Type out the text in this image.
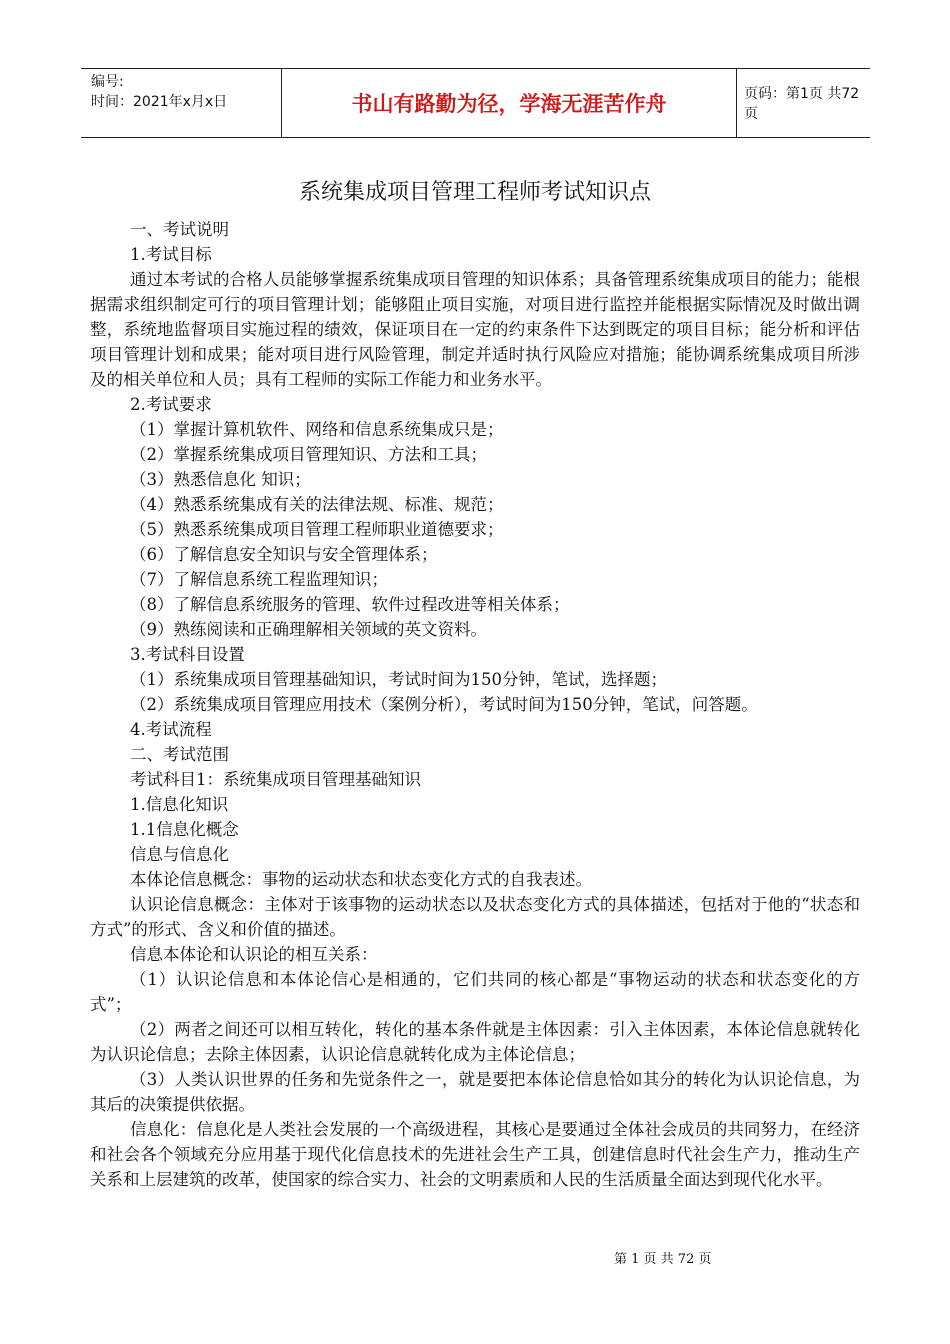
编号:
时间：2021年x月x日	书山有路勤为径，学海无涯苦作舟	页码：第1页 共72页
系统集成项目管理工程师考试知识点

一、考试说明

1.考试目标

通过本考试的合格人员能够掌握系统集成项目管理的知识体系；具备管理系统集成项目的能力；能根据需求组织制定可行的项目管理计划；能够阻止项目实施，对项目进行监控并能根据实际情况及时做出调整，系统地监督项目实施过程的绩效，保证项目在一定的约束条件下达到既定的项目目标；能分析和评估项目管理计划和成果；能对项目进行风险管理，制定并适时执行风险应对措施；能协调系统集成项目所涉及的相关单位和人员；具有工程师的实际工作能力和业务水平。

2.考试要求

（1）掌握计算机软件、网络和信息系统集成只是；

（2）掌握系统集成项目管理知识、方法和工具；

（3）熟悉信息化 知识；

（4）熟悉系统集成有关的法律法规、标准、规范；

（5）熟悉系统集成项目管理工程师职业道德要求；

（6）了解信息安全知识与安全管理体系；

（7）了解信息系统工程监理知识；

（8）了解信息系统服务的管理、软件过程改进等相关体系；

（9）熟练阅读和正确理解相关领域的英文资料。

3.考试科目设置

（1）系统集成项目管理基础知识，考试时间为150分钟，笔试，选择题；

（2）系统集成项目管理应用技术（案例分析），考试时间为150分钟，笔试，问答题。

4.考试流程

二、考试范围

考试科目1：系统集成项目管理基础知识

1.信息化知识

1.1信息化概念

信息与信息化

本体论信息概念：事物的运动状态和状态变化方式的自我表述。

认识论信息概念：主体对于该事物的运动状态以及状态变化方式的具体描述，包括对于他的“状态和方式”的形式、含义和价值的描述。

信息本体论和认识论的相互关系：

（1）认识论信息和本体论信心是相通的，它们共同的核心都是“事物运动的状态和状态变化的方式”；

（2）两者之间还可以相互转化，转化的基本条件就是主体因素：引入主体因素，本体论信息就转化为认识论信息；去除主体因素，认识论信息就转化成为主体论信息；

（3）人类认识世界的任务和先觉条件之一，就是要把本体论信息恰如其分的转化为认识论信息，为其后的决策提供依据。

信息化：信息化是人类社会发展的一个高级进程，其核心是要通过全体社会成员的共同努力，在经济和社会各个领域充分应用基于现代化信息技术的先进社会生产工具，创建信息时代社会生产力，推动生产关系和上层建筑的改革，使国家的综合实力、社会的文明素质和人民的生活质量全面达到现代化水平。

第 1 页 共 72 页
